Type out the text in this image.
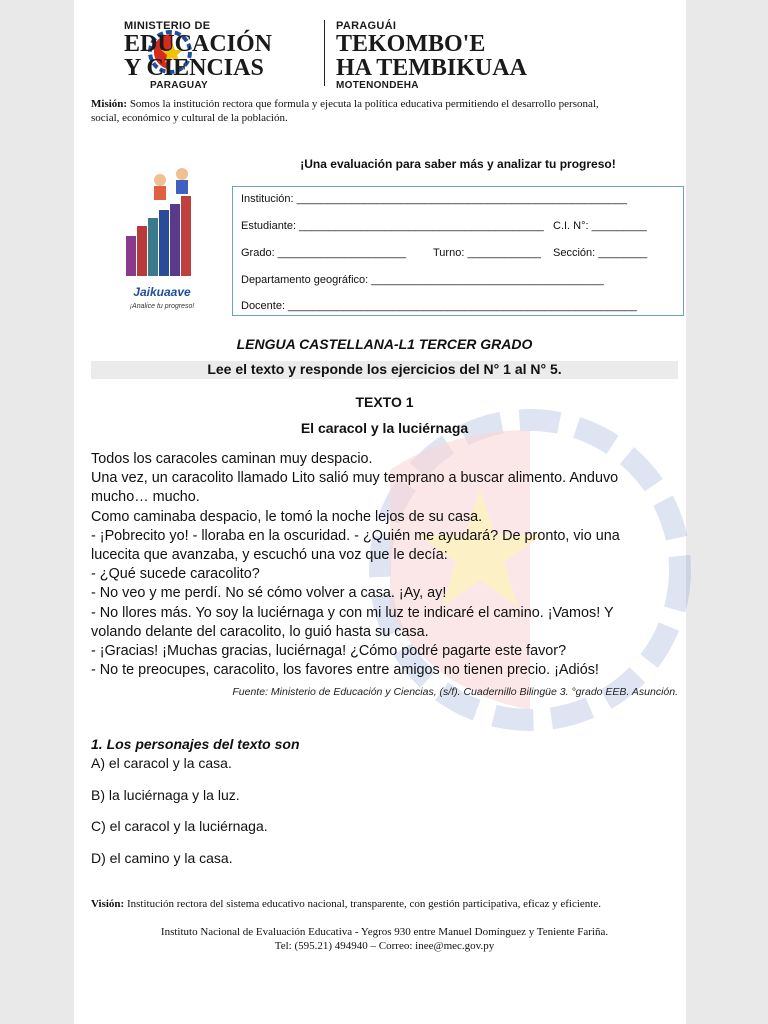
MINISTERIO DE
EDUCACIÓN
Y CIENCIAS
PARAGUAY
PARAGUÁI
TEKOMBO'E
HA TEMBIKUAA
MOTENONDEHA
Misión: Somos la institución rectora que formula y ejecuta la política educativa permitiendo el desarrollo personal,
social, económico y cultural de la población.
¡Una evaluación para saber más y analizar tu progreso!
Jaikuaave
¡Analice tu progreso!
Institución: ______________________________________________________
Estudiante: ________________________________________ C.I. N°: _________
Grado: _____________________ Turno: ____________ Sección: ________
Departamento geográfico: ______________________________________
Docente: _________________________________________________________
LENGUA CASTELLANA-L1 TERCER GRADO
Lee el texto y responde los ejercicios del N° 1 al N° 5.
TEXTO 1
El caracol y la luciérnaga
Todos los caracoles caminan muy despacio.
Una vez, un caracolito llamado Lito salió muy temprano a buscar alimento. Anduvo
mucho… mucho.
Como caminaba despacio, le tomó la noche lejos de su casa.
- ¡Pobrecito yo! - lloraba en la oscuridad. - ¿Quién me ayudará? De pronto, vio una
lucecita que avanzaba, y escuchó una voz que le decía:
- ¿Qué sucede caracolito?
- No veo y me perdí. No sé cómo volver a casa. ¡Ay, ay!
- No llores más. Yo soy la luciérnaga y con mi luz te indicaré el camino. ¡Vamos! Y
volando delante del caracolito, lo guió hasta su casa.
- ¡Gracias! ¡Muchas gracias, luciérnaga! ¿Cómo podré pagarte este favor?
- No te preocupes, caracolito, los favores entre amigos no tienen precio. ¡Adiós!
Fuente: Ministerio de Educación y Ciencias, (s/f). Cuadernillo Bilingüe 3. °grado EEB. Asunción.
1. Los personajes del texto son
A) el caracol y la casa.
B) la luciérnaga y la luz.
C) el caracol y la luciérnaga.
D) el camino y la casa.
Visión: Institución rectora del sistema educativo nacional, transparente, con gestión participativa, eficaz y eficiente.
Instituto Nacional de Evaluación Educativa - Yegros 930 entre Manuel Domínguez y Teniente Fariña.
Tel: (595.21) 494940 – Correo: inee@mec.gov.py
